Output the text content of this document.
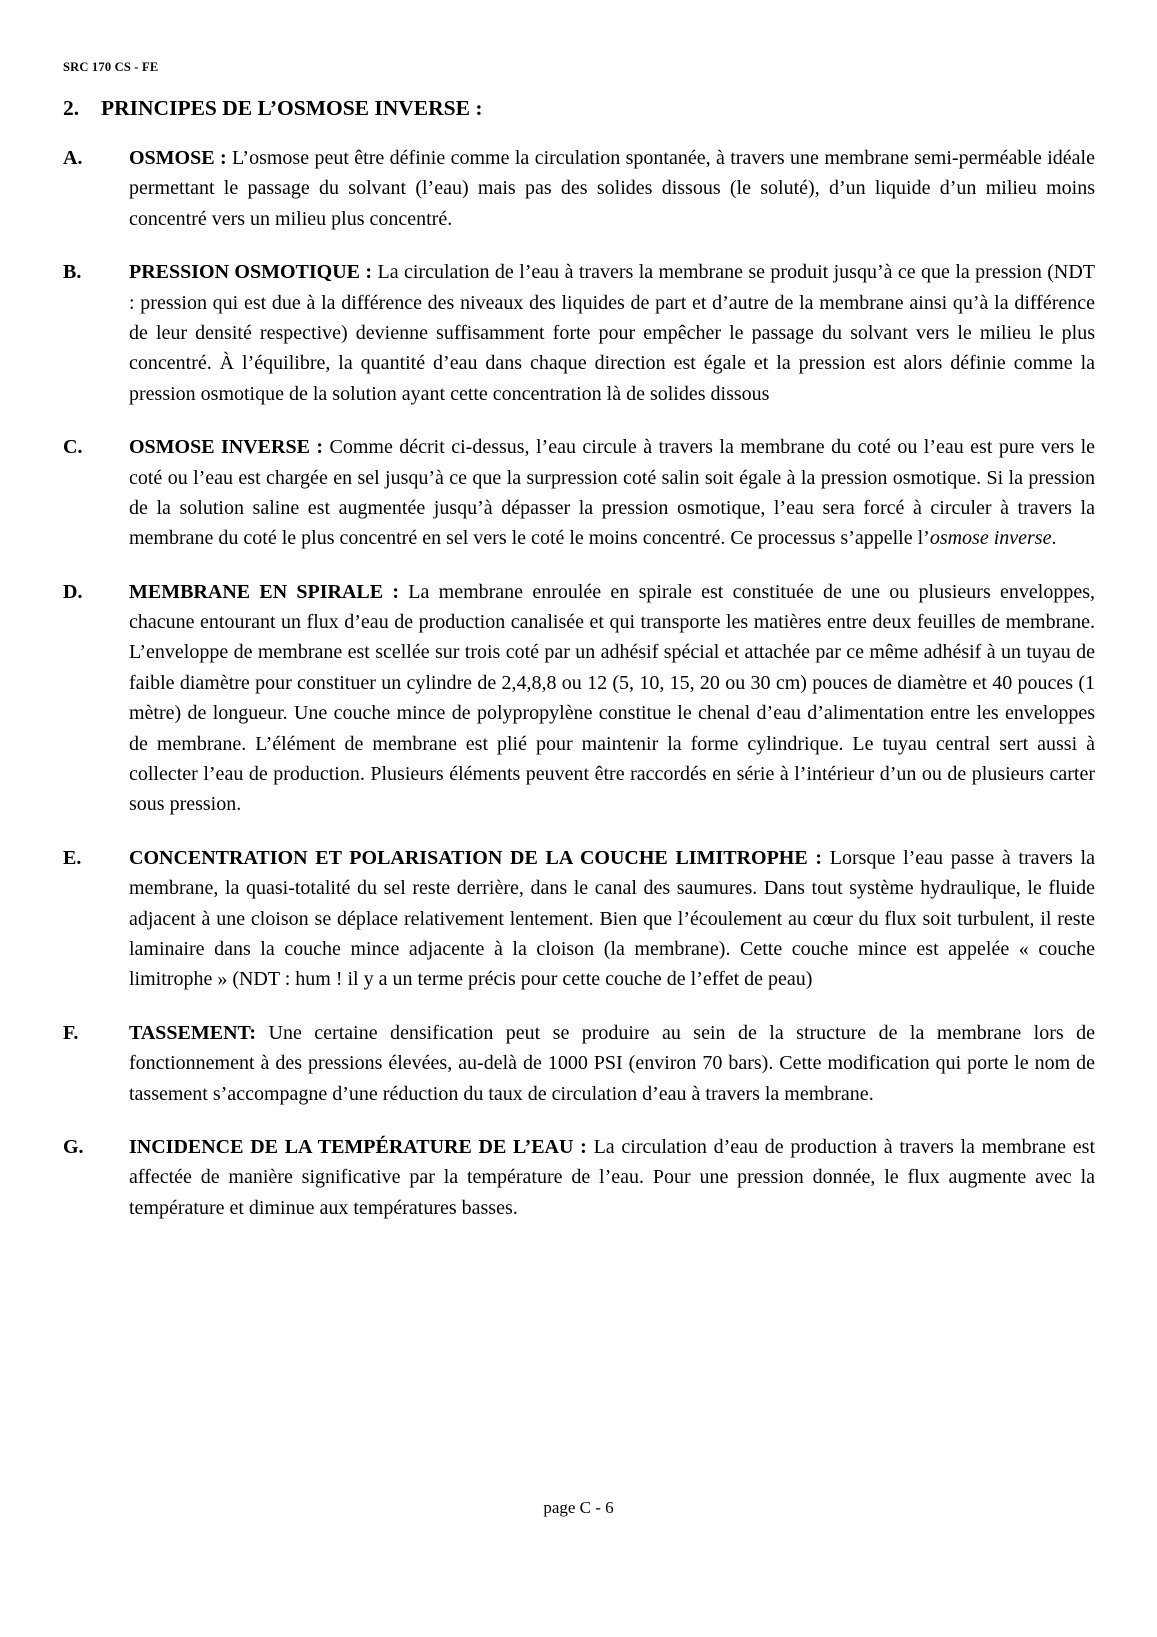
SRC 170 CS - FE
2.	PRINCIPES DE L’OSMOSE INVERSE :
A.	OSMOSE : L’osmose peut être définie comme la circulation spontanée, à travers une membrane semi-perméable idéale permettant le passage du solvant (l’eau) mais pas des solides dissous (le soluté), d’un liquide d’un milieu moins concentré vers un milieu plus concentré.
B.	PRESSION OSMOTIQUE : La circulation de l’eau à travers la membrane se produit jusqu’à ce que la pression (NDT : pression qui est due à la différence des niveaux des liquides de part et d’autre de la membrane ainsi qu’à la différence de leur densité respective) devienne suffisamment forte pour empêcher le passage du solvant vers le milieu le plus concentré. À l’équilibre, la quantité d’eau dans chaque direction est égale et la pression est alors définie comme la pression osmotique de la solution ayant cette concentration là de solides dissous
C.	OSMOSE INVERSE : Comme décrit ci-dessus, l’eau circule à travers la membrane du coté ou l’eau est pure vers le coté ou l’eau est chargée en sel jusqu’à ce que la surpression coté salin soit égale à la pression osmotique. Si la pression de la solution saline est augmentée jusqu’à dépasser la pression osmotique, l’eau sera forcé à circuler à travers la membrane du coté le plus concentré en sel vers le coté le moins concentré. Ce processus s’appelle l’osmose inverse.
D.	MEMBRANE EN SPIRALE : La membrane enroulée en spirale est constituée de une ou plusieurs enveloppes, chacune entourant un flux d’eau de production canalisée et qui transporte les matières entre deux feuilles de membrane. L’enveloppe de membrane est scellée sur trois coté par un adhésif spécial et attachée par ce même adhésif à un tuyau de faible diamètre pour constituer un cylindre de 2,4,8,8 ou 12 (5, 10, 15, 20 ou 30 cm) pouces de diamètre et 40 pouces (1 mètre) de longueur. Une couche mince de polypropylène constitue le chenal d’eau d’alimentation entre les enveloppes de membrane. L’élément de membrane est plié pour maintenir la forme cylindrique. Le tuyau central sert aussi à collecter l’eau de production. Plusieurs éléments peuvent être raccordés en série à l’intérieur d’un ou de plusieurs carter sous pression.
E.	CONCENTRATION ET POLARISATION DE LA COUCHE LIMITROPHE : Lorsque l’eau passe à travers la membrane, la quasi-totalité du sel reste derrière, dans le canal des saumures. Dans tout système hydraulique, le fluide adjacent à une cloison se déplace relativement lentement. Bien que l’écoulement au cœur du flux soit turbulent, il reste laminaire dans la couche mince adjacente à la cloison (la membrane). Cette couche mince est appelée « couche limitrophe » (NDT : hum ! il y a un terme précis pour cette couche de l’effet de peau)
F.	TASSEMENT: Une certaine densification peut se produire au sein de la structure de la membrane lors de fonctionnement à des pressions élevées, au-delà de 1000 PSI (environ 70 bars). Cette modification qui porte le nom de tassement s’accompagne d’une réduction du taux de circulation d’eau à travers la membrane.
G.	INCIDENCE DE LA TEMPÉRATURE DE L’EAU : La circulation d’eau de production à travers la membrane est affectée de manière significative par la température de l’eau. Pour une pression donnée, le flux augmente avec la température et diminue aux températures basses.
page C - 6
